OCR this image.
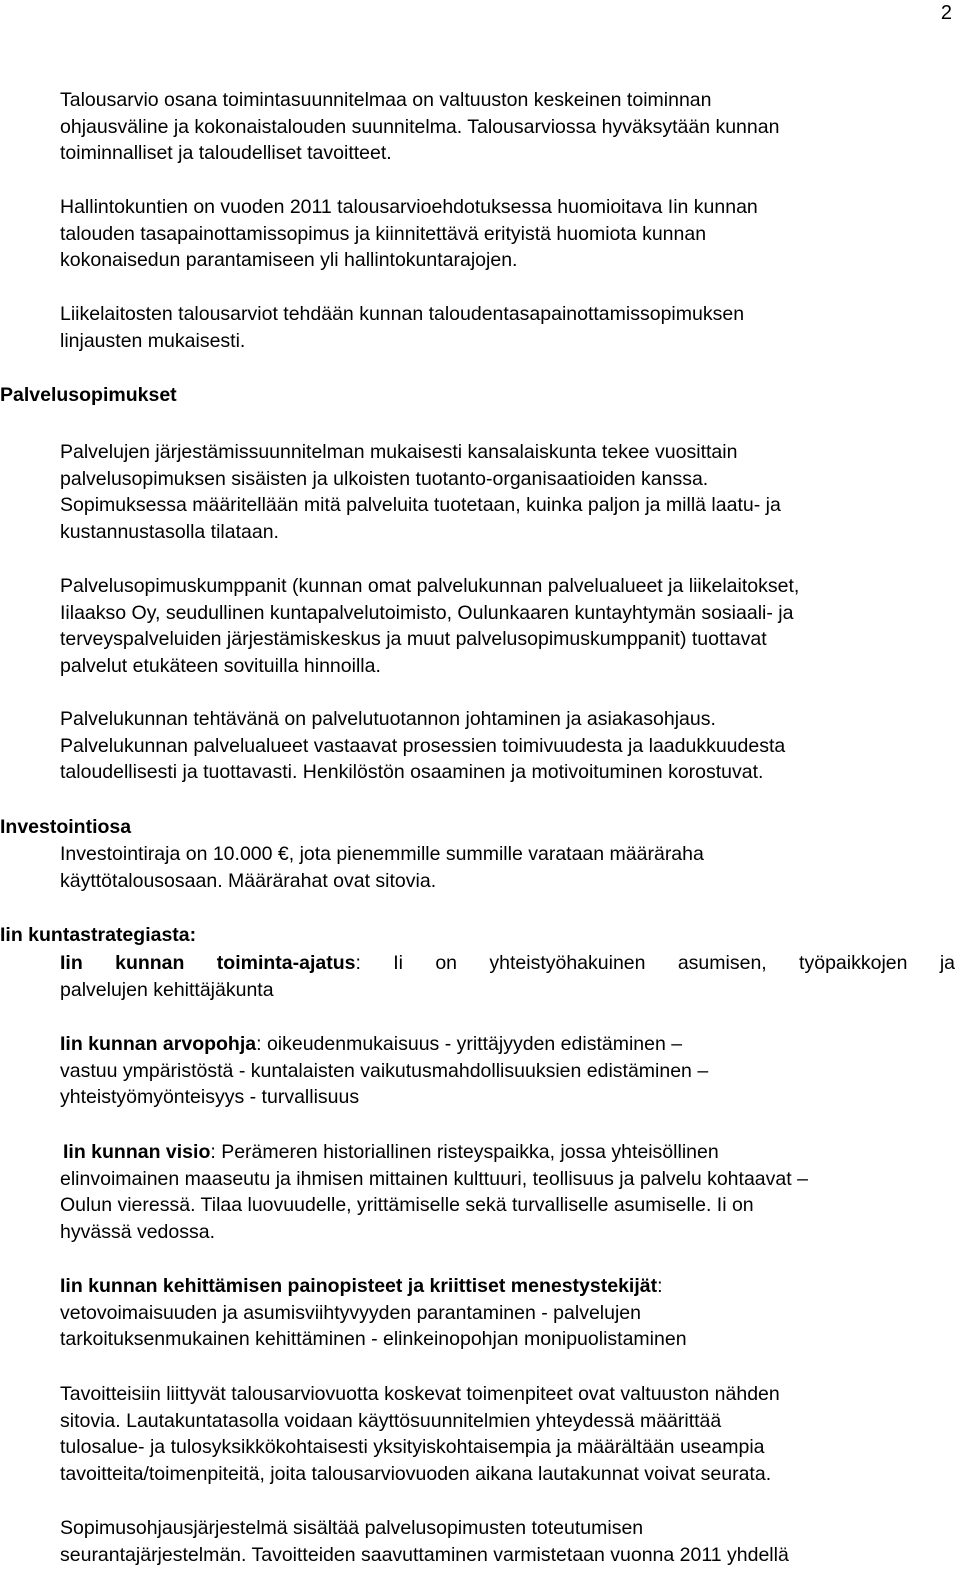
2
Talousarvio osana toimintasuunnitelmaa on valtuuston keskeinen toiminnan
ohjausväline ja kokonaistalouden suunnitelma. Talousarviossa hyväksytään kunnan
toiminnalliset ja taloudelliset tavoitteet.
Hallintokuntien on vuoden 2011 talousarvioehdotuksessa huomioitava Iin kunnan
talouden tasapainottamissopimus ja kiinnitettävä erityistä huomiota kunnan
kokonaisedun parantamiseen yli hallintokuntarajojen.
Liikelaitosten talousarviot tehdään kunnan taloudentasapainottamissopimuksen
linjausten mukaisesti.
Palvelusopimukset
Palvelujen järjestämissuunnitelman mukaisesti kansalaiskunta tekee vuosittain
palvelusopimuksen sisäisten ja ulkoisten tuotanto-organisaatioiden kanssa.
Sopimuksessa määritellään mitä palveluita tuotetaan, kuinka paljon ja millä laatu- ja
kustannustasolla tilataan.
Palvelusopimuskumppanit (kunnan omat palvelukunnan palvelualueet ja liikelaitokset,
Iilaakso Oy, seudullinen kuntapalvelutoimisto, Oulunkaaren kuntayhtymän sosiaali- ja
terveyspalveluiden järjestämiskeskus ja muut palvelusopimuskumppanit) tuottavat
palvelut etukäteen sovituilla hinnoilla.
Palvelukunnan tehtävänä on palvelutuotannon johtaminen ja asiakasohjaus.
Palvelukunnan palvelualueet vastaavat prosessien toimivuudesta ja laadukkuudesta
taloudellisesti ja tuottavasti. Henkilöstön osaaminen ja motivoituminen korostuvat.
Investointiosa
Investointiraja on 10.000 €, jota pienemmille summille varataan määräraha
käyttötalousosaan. Määrärahat ovat sitovia.
Iin kuntastrategiasta:
Iin kunnan toiminta-ajatus: Ii on yhteistyöhakuinen asumisen, työpaikkojen ja
palvelujen kehittäjäkunta
Iin kunnan arvopohja: oikeudenmukaisuus - yrittäjyyden edistäminen –
vastuu ympäristöstä - kuntalaisten vaikutusmahdollisuuksien edistäminen –
yhteistyömyönteisyys - turvallisuus
Iin kunnan visio: Perämeren historiallinen risteyspaikka, jossa yhteisöllinen
elinvoimainen maaseutu ja ihmisen mittainen kulttuuri, teollisuus ja palvelu kohtaavat –
Oulun vieressä. Tilaa luovuudelle, yrittämiselle sekä turvalliselle asumiselle. Ii on
hyvässä vedossa.
Iin kunnan kehittämisen painopisteet ja kriittiset menestystekijät:
vetovoimaisuuden ja asumisviihtyvyyden parantaminen - palvelujen
tarkoituksenmukainen kehittäminen - elinkeinopohjan monipuolistaminen
Tavoitteisiin liittyvät talousarviovuotta koskevat toimenpiteet ovat valtuuston nähden
sitovia. Lautakuntatasolla voidaan käyttösuunnitelmien yhteydessä määrittää
tulosalue- ja tulosyksikkökohtaisesti yksityiskohtaisempia ja määrältään useampia
tavoitteita/toimenpiteitä, joita talousarviovuoden aikana lautakunnat voivat seurata.
Sopimusohjausjärjestelmä sisältää palvelusopimusten toteutumisen
seurantajärjestelmän. Tavoitteiden saavuttaminen varmistetaan vuonna 2011 yhdellä
